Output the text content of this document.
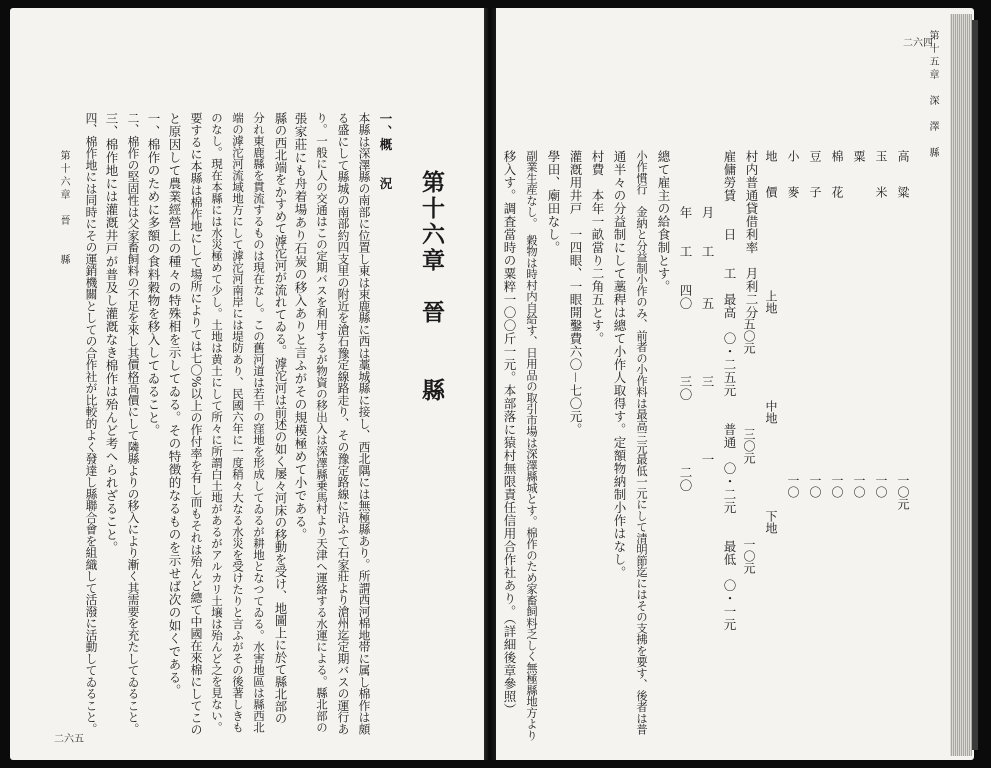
第十五章　深　澤　縣
二六四
高　　粱
一〇元
玉　　米
一〇
粟
一〇
棉　　花
一〇
豆　　子
一〇
小　　麥
一〇
地　　價
上地
中地
下地
五〇元
三〇元
一〇元
村内普通貸借利率　月利二分
雇傭勞賃　　日　　工　最高　〇・二五元　　普通　〇・二元　　最低　〇・一元
月　　工　　　五　　　　　三　　　　　一
年　　工　　四〇　　　　　三〇　　　　　二〇
總て雇主の給食制とす。
小作慣行　金納と分益制小作のみ、前者の小作料は最高三元最低一元にして清明節迄にはその支拂を要す、後者は普
通半々の分益制にして藁稈は總て小作人取得す。定額物納制小作はなし。
村費　本年一畝當り二角五とす。
灌漑用井戸　一四眼、一眼開鑿費六〇－七〇元。
學田、廟田なし。
副業生産なし。　穀物は時村内自給す、日用品の取引市場は深澤縣城とす。棉作のため家畜飼料乏しく無極縣地方より
移入す。調査當時の粟粹一〇〇斤一元。本部落に猿村無限責任信用合作社あり。（詳細後章參照）
第十六章　晉　　縣
一、概　　況
本縣は深澤縣の南部に位置し東は束鹿縣に西は藁城縣に接し、西北隅には無極縣あり。所謂西河棉地帯に属し棉作は頗
る盛にして縣城の南部約四支里の附近を滄石豫定線路走り、その豫定路線に沿ふて石家莊より滄州迄定期バスの運行あ
り。一般に人の交通はこの定期バスを利用するが物資の移出入は深澤縣乗馬村より天津へ運絡する水運による。縣北部の
張家莊にも舟着場あり石炭の移入ありと言ふがその規模極めて小である。
縣の西北端をかすめて滹沱河が流れてゐる。滹沱河は前述の如く屡々河床の移動を受け、地圖上に於て縣北部の
分れ東鹿縣を貫流するものは現在なし。この舊河道は若干の窪地を形成してゐるが耕地となつてゐる。水害地區は縣西北
端の滹沱河流域地方にして滹沱河南岸には堤防あり、民國六年に一度稍々大なる水災を受けたりと言ふがその後著しきも
のなし。現在本縣には水災極めて少し。土地は黄土にして所々に所謂白土地があるがアルカリ土壌は殆んど之を見ない。
要するに本縣は棉作地にして場所によりては七〇%以上の作付率を有し而もそれは殆んど總て中國在來棉にしてこの
と原因して農業經營上の種々の特殊相を示してゐる。その特徴的なるものを示せば次の如くである。
一、棉作のために多額の食料穀物を移入してゐること。
二、棉作の堅固性は父家畜飼料の不足を來し其價格高價にして隣縣よりの移入により漸く其需要を充たしてゐること。
三、棉作地には灌漑井戸が普及し灌漑なき棉作は殆んど考へられざること。
四、棉作地には同時にその運銷機關としての合作社が比較的よく發達し縣聯合會を組織して活潑に活動してゐること。
第十六章　晉　　縣
二六五
